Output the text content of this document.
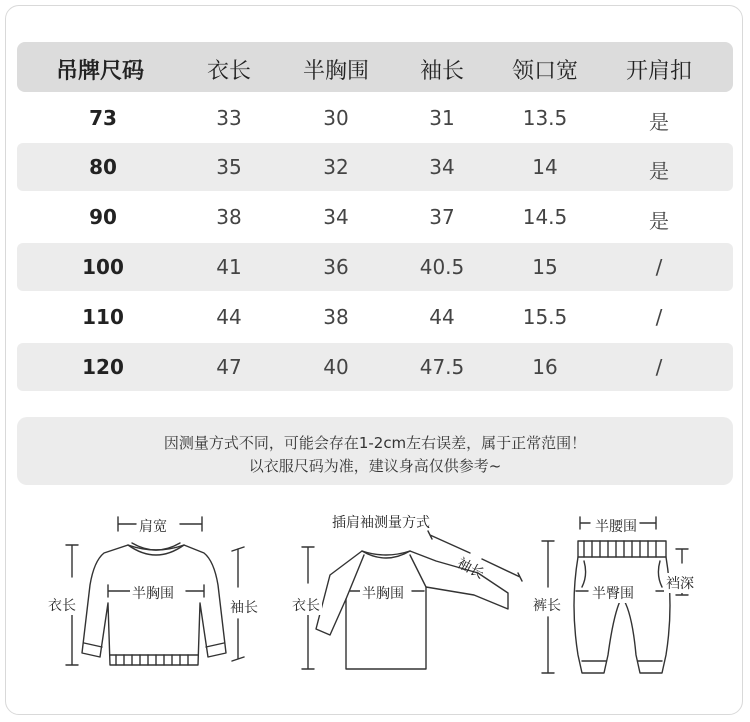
吊牌尺码	衣长 半胸围 袖长 领口宽 开肩扣
73	33	30	31	13.5	是
80	35	32	34	14	是
90	38	34	37	14.5	是
100	41	36	40.5	15	/
110	44	38	44	15.5	/
120	47	40	47.5	16	/
因测量方式不同，可能会存在1-2cm左右误差，属于正常范围！
以衣服尺码为准，建议身高仅供参考~
肩宽
半胸围
衣长	袖长
插肩袖测量方式
半胸围
衣长
袖长
半腰围
半臀围
裤长
裆深
